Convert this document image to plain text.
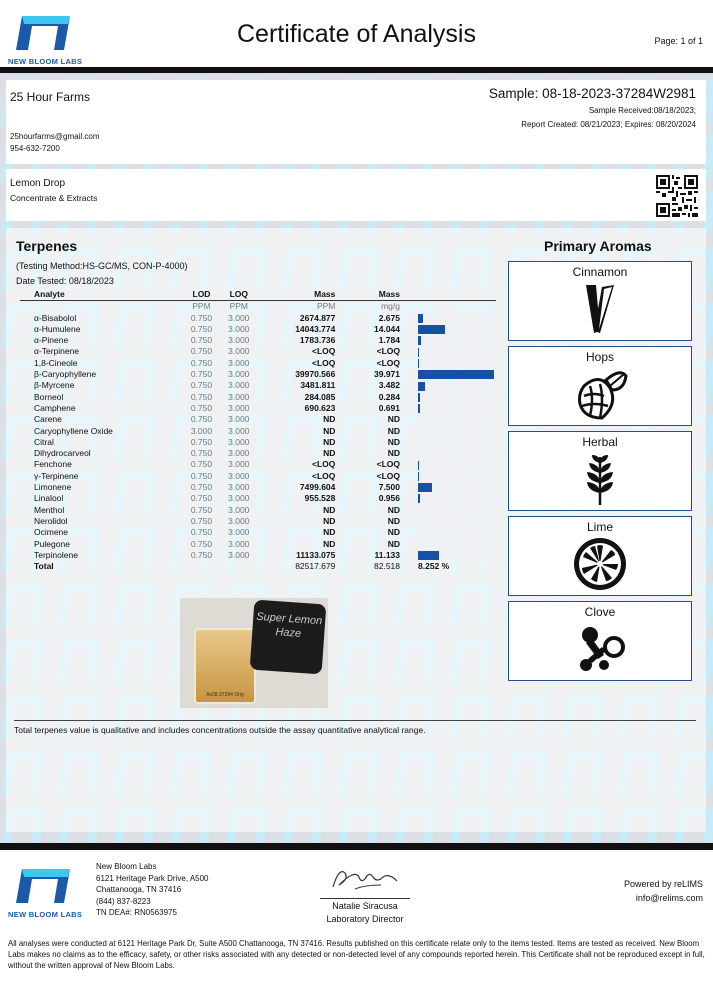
NEW BLOOM LABS
Certificate of Analysis	Page: 1 of 1
25 Hour Farms
25hourfarms@gmail.com
954-632-7200
Sample: 08-18-2023-37284W2981
Sample Received:08/18/2023;
Report Created: 08/21/2023; Expires: 08/20/2024
Lemon Drop
Concentrate & Extracts
Terpenes
(Testing Method:HS-GC/MS, CON-P-4000)
Date Tested: 08/18/2023
Primary Aromas
Analyte	LOD	LOQ	Mass	Mass	
	PPM	PPM	PPM	mg/g	
α-Bisabolol	0.750	3.000	2674.877	2.675	

α-Humulene	0.750	3.000	14043.774	14.044	

α-Pinene	0.750	3.000	1783.736	1.784	

α-Terpinene	0.750	3.000	<LOQ	<LOQ	

1,8-Cineole	0.750	3.000	<LOQ	<LOQ	

β-Caryophyllene	0.750	3.000	39970.566	39.971	

β-Myrcene	0.750	3.000	3481.811	3.482	

Borneol	0.750	3.000	284.085	0.284	

Camphene	0.750	3.000	690.623	0.691	

Carene	0.750	3.000	ND	ND	

Caryophyllene Oxide	3.000	3.000	ND	ND	

Citral	0.750	3.000	ND	ND	

Dihydrocarveol	0.750	3.000	ND	ND	

Fenchone	0.750	3.000	<LOQ	<LOQ	

γ-Terpinene	0.750	3.000	<LOQ	<LOQ	

Limonene	0.750	3.000	7499.604	7.500	

Linalool	0.750	3.000	955.528	0.956	

Menthol	0.750	3.000	ND	ND	

Nerolidol	0.750	3.000	ND	ND	

Ocimene	0.750	3.000	ND	ND	

Pulegone	0.750	3.000	ND	ND	

Terpinolene	0.750	3.000	11133.075	11.133	

Total			82517.679	82.518	8.252 %
Ac08 37284 Orig
Super Lemon Haze
Total terpenes value is qualitative and includes concentrations outside the assay quantitative analytical range.
Cinnamon
Hops
Herbal
Lime
Clove
NEW BLOOM LABS
New Bloom Labs
6121 Heritage Park Drive, A500
Chattanooga, TN 37416
(844) 837-8223
TN DEA#: RN0563975
Natalie Siracusa
Laboratory Director
Powered by reLIMS
info@relims.com
All analyses were conducted at 6121 Heritage Park Dr, Suite A500 Chattanooga, TN 37416. Results published on this certificate relate only to the items tested. Items are tested as received. New Bloom Labs makes no claims as to the efficacy, safety, or other risks associated with any detected or non-detected level of any compounds reported herein. This Certificate shall not be reproduced except in full, without the written approval of New Bloom Labs.
